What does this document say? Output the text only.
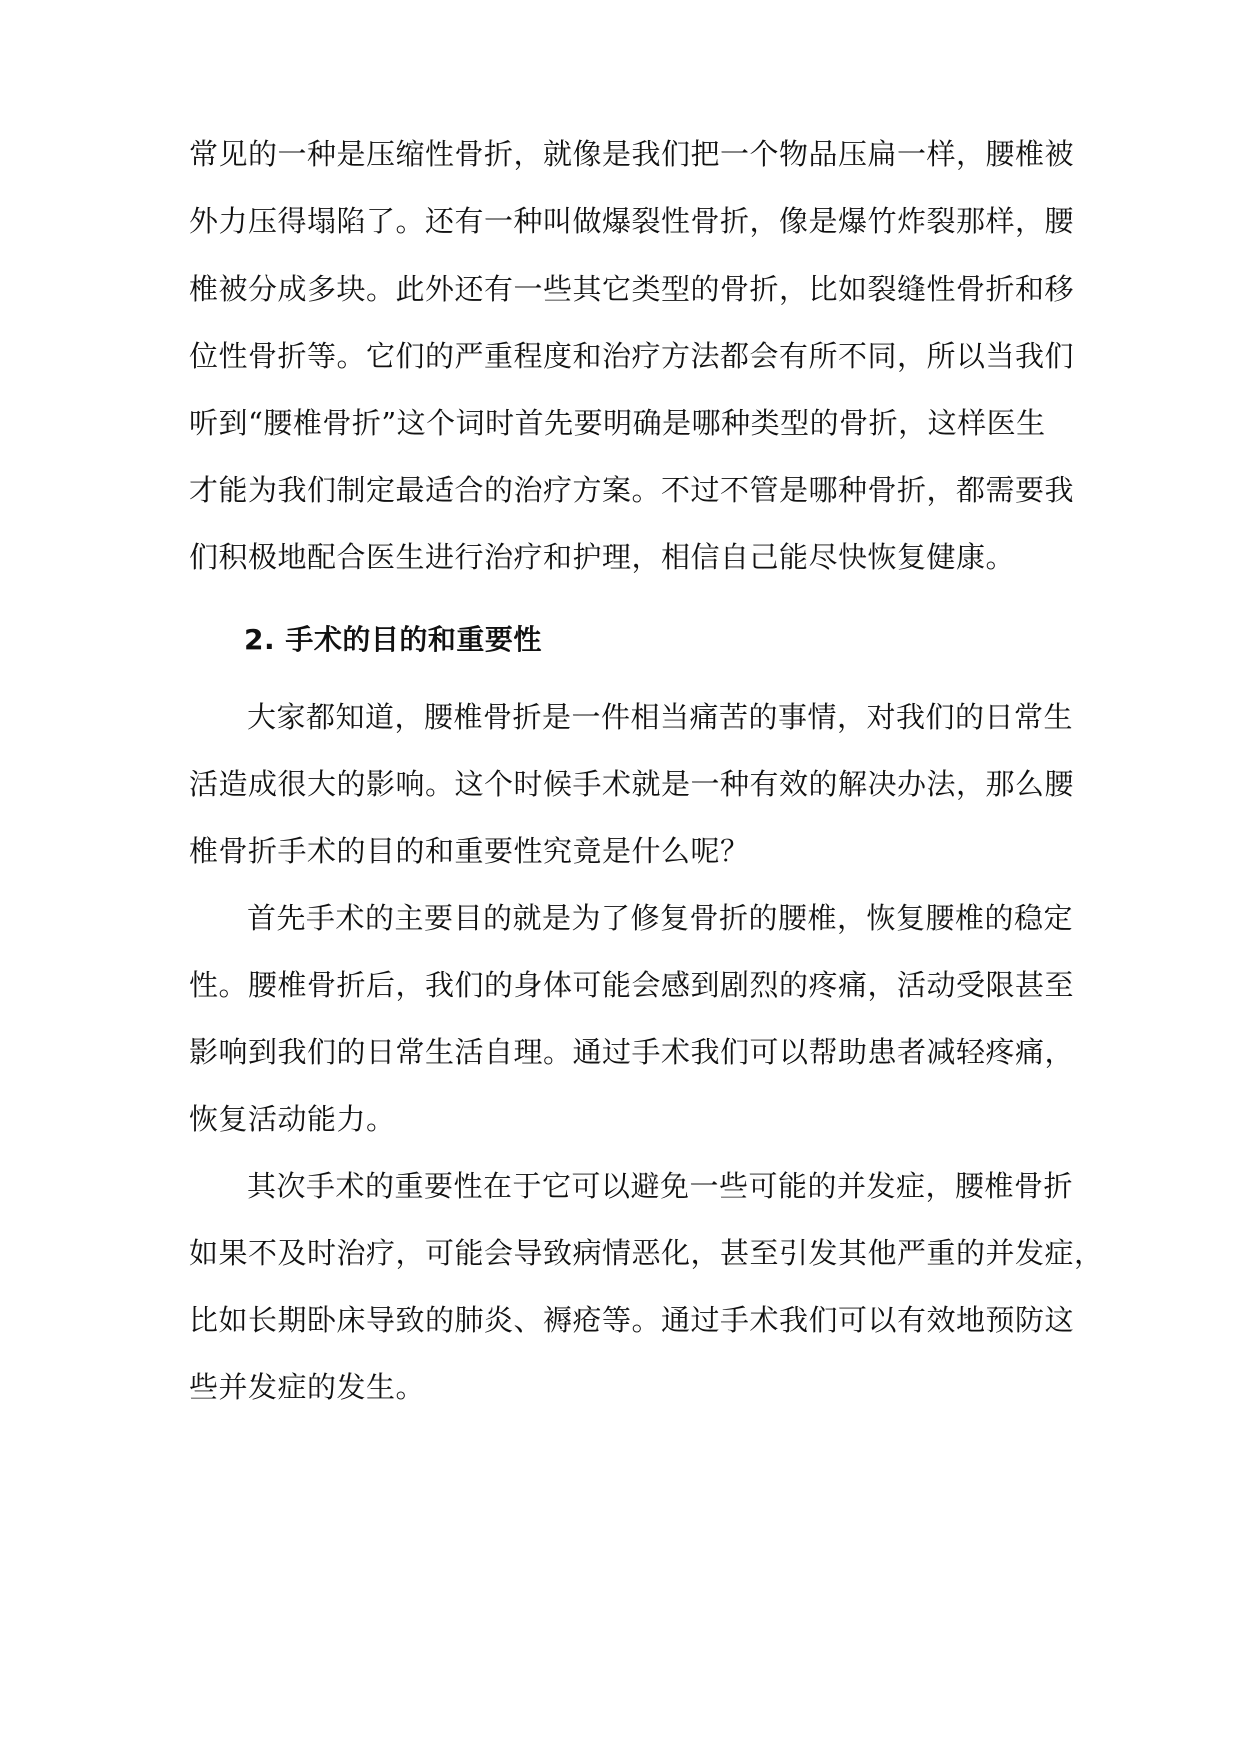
常见的一种是压缩性骨折，就像是我们把一个物品压扁一样，腰椎被

外力压得塌陷了。还有一种叫做爆裂性骨折，像是爆竹炸裂那样，腰

椎被分成多块。此外还有一些其它类型的骨折，比如裂缝性骨折和移

位性骨折等。它们的严重程度和治疗方法都会有所不同，所以当我们

听到“腰椎骨折”这个词时首先要明确是哪种类型的骨折，这样医生

才能为我们制定最适合的治疗方案。不过不管是哪种骨折，都需要我

们积极地配合医生进行治疗和护理，相信自己能尽快恢复健康。

2. 手术的目的和重要性

大家都知道，腰椎骨折是一件相当痛苦的事情，对我们的日常生

活造成很大的影响。这个时候手术就是一种有效的解决办法，那么腰

椎骨折手术的目的和重要性究竟是什么呢？

首先手术的主要目的就是为了修复骨折的腰椎，恢复腰椎的稳定

性。腰椎骨折后，我们的身体可能会感到剧烈的疼痛，活动受限甚至

影响到我们的日常生活自理。通过手术我们可以帮助患者减轻疼痛，

恢复活动能力。

其次手术的重要性在于它可以避免一些可能的并发症，腰椎骨折

如果不及时治疗，可能会导致病情恶化，甚至引发其他严重的并发症，

比如长期卧床导致的肺炎、褥疮等。通过手术我们可以有效地预防这

些并发症的发生。
